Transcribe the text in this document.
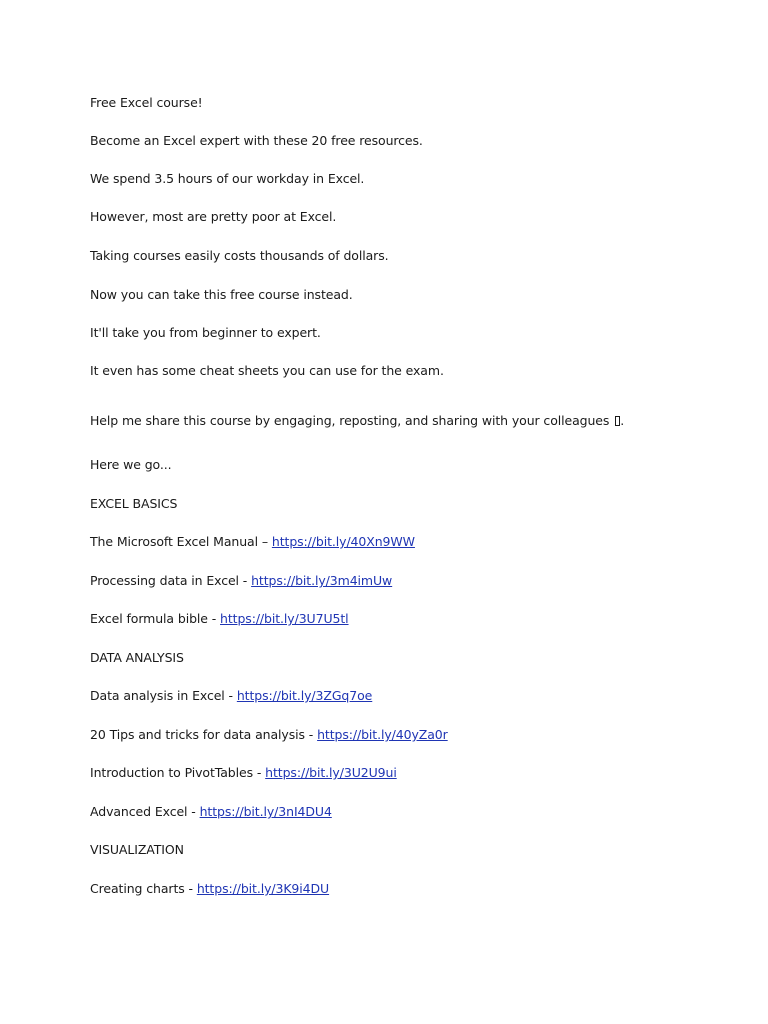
Free Excel course!

Become an Excel expert with these 20 free resources.

We spend 3.5 hours of our workday in Excel.

However, most are pretty poor at Excel.

Taking courses easily costs thousands of dollars.

Now you can take this free course instead.

It'll take you from beginner to expert.

It even has some cheat sheets you can use for the exam.

Help me share this course by engaging, reposting, and sharing with your colleagues .

Here we go...

EXCEL BASICS

The Microsoft Excel Manual – https://bit.ly/40Xn9WW

Processing data in Excel - https://bit.ly/3m4imUw

Excel formula bible - https://bit.ly/3U7U5tl

DATA ANALYSIS

Data analysis in Excel - https://bit.ly/3ZGq7oe

20 Tips and tricks for data analysis - https://bit.ly/40yZa0r

Introduction to PivotTables - https://bit.ly/3U2U9ui

Advanced Excel - https://bit.ly/3nI4DU4

VISUALIZATION

Creating charts - https://bit.ly/3K9i4DU
